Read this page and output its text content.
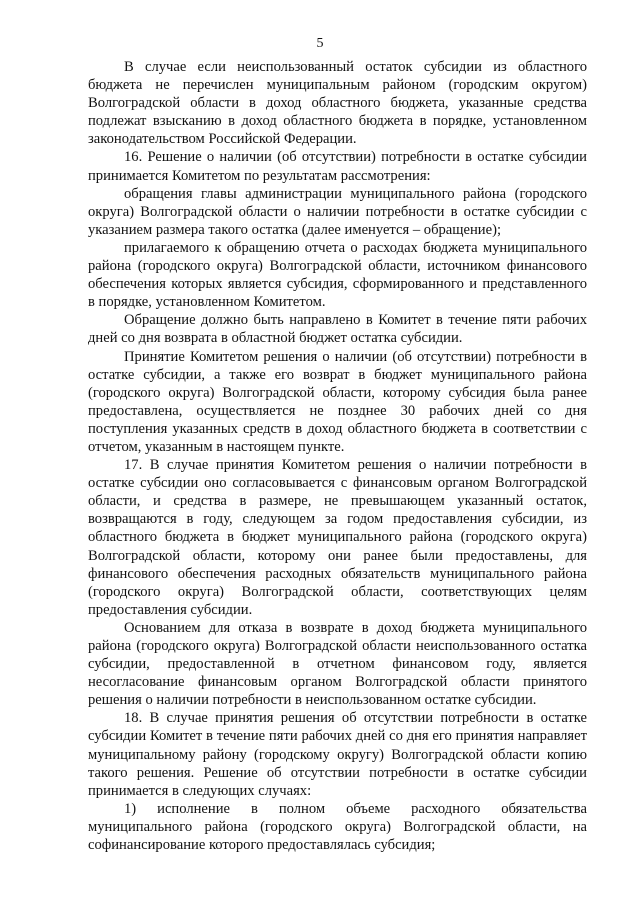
5

В случае если неиспользованный остаток субсидии из областного бюджета не перечислен муниципальным районом (городским округом) Волгоградской области в доход областного бюджета, указанные средства подлежат взысканию в доход областного бюджета в порядке, установленном законодательством Российской Федерации.

16. Решение о наличии (об отсутствии) потребности в остатке субсидии принимается Комитетом по результатам рассмотрения:

обращения главы администрации муниципального района (городского округа) Волгоградской области о наличии потребности в остатке субсидии с указанием размера такого остатка (далее именуется – обращение);

прилагаемого к обращению отчета о расходах бюджета муниципального района (городского округа) Волгоградской области, источником финансового обеспечения которых является субсидия, сформированного и представленного в порядке, установленном Комитетом.

Обращение должно быть направлено в Комитет в течение пяти рабочих дней со дня возврата в областной бюджет остатка субсидии.

Принятие Комитетом решения о наличии (об отсутствии) потребности в остатке субсидии, а также его возврат в бюджет муниципального района (городского округа) Волгоградской области, которому субсидия была ранее предоставлена, осуществляется не позднее 30 рабочих дней со дня поступления указанных средств в доход областного бюджета в соответствии с отчетом, указанным в настоящем пункте.

17. В случае принятия Комитетом решения о наличии потребности в остатке субсидии оно согласовывается с финансовым органом Волгоградской области, и средства в размере, не превышающем указанный остаток, возвращаются в году, следующем за годом предоставления субсидии, из областного бюджета в бюджет муниципального района (городского округа) Волгоградской области, которому они ранее были предоставлены, для финансового обеспечения расходных обязательств муниципального района (городского округа) Волгоградской области, соответствующих целям предоставления субсидии.

Основанием для отказа в возврате в доход бюджета муниципального района (городского округа) Волгоградской области неиспользованного остатка субсидии, предоставленной в отчетном финансовом году, является несогласование финансовым органом Волгоградской области принятого решения о наличии потребности в неиспользованном остатке субсидии.

18. В случае принятия решения об отсутствии потребности в остатке субсидии Комитет в течение пяти рабочих дней со дня его принятия направляет муниципальному району (городскому округу) Волгоградской области копию такого решения. Решение об отсутствии потребности в остатке субсидии принимается в следующих случаях:

1) исполнение в полном объеме расходного обязательства муниципального района (городского округа) Волгоградской области, на софинансирование которого предоставлялась субсидия;
